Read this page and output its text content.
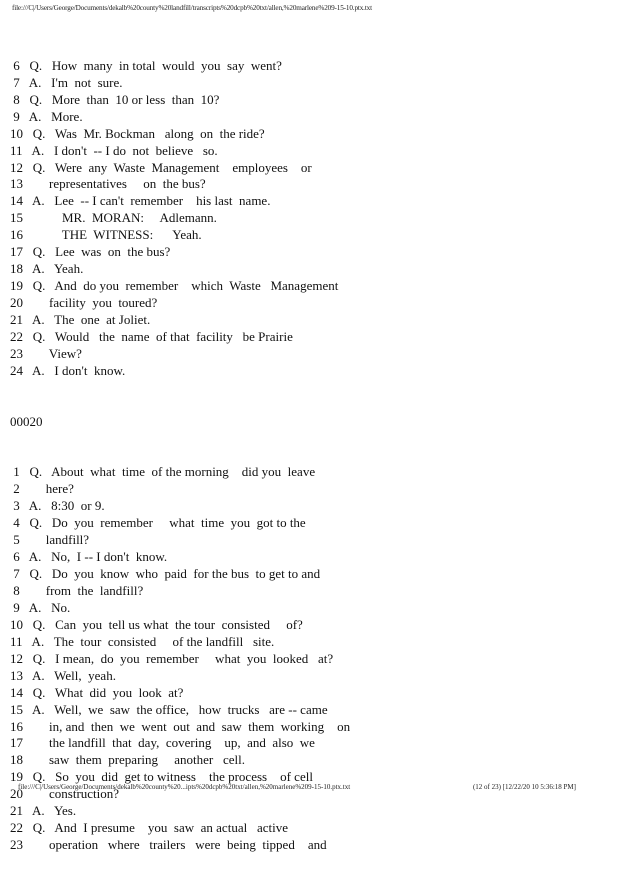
file:///C|/Users/George/Documents/dekalb%20county%20landfill/transcripts%20dcpb%20txt/allen,%20marlene%209-15-10.ptx.txt

6   Q.   How  many  in total  would  you  say  went?
7   A.   I'm  not  sure.
8   Q.   More  than  10 or less  than  10?
9   A.   More.
10   Q.   Was  Mr. Bockman   along  on  the ride?
11   A.   I don't  -- I do  not  believe   so.
12   Q.   Were  any  Waste  Management    employees    or
13        representatives     on  the bus?
14   A.   Lee  -- I can't  remember    his last  name.
15            MR.  MORAN:     Adlemann.
16            THE  WITNESS:      Yeah.
17   Q.   Lee  was  on  the bus?
18   A.   Yeah.
19   Q.   And  do you  remember    which  Waste   Management
20        facility  you  toured?
21   A.   The  one  at Joliet.
22   Q.   Would   the  name  of that  facility   be Prairie
23        View?
24   A.   I don't  know.

00020

1   Q.   About  what  time  of the morning    did you  leave
2        here?
3   A.   8:30  or 9.
4   Q.   Do  you  remember     what  time  you  got to the
5        landfill?
6   A.   No,  I -- I don't  know.
7   Q.   Do  you  know  who  paid  for the bus  to get to and
8        from  the  landfill?
9   A.   No.
10   Q.   Can  you  tell us what  the tour  consisted     of?
11   A.   The  tour  consisted     of the landfill   site.
12   Q.   I mean,  do  you  remember     what  you  looked   at?
13   A.   Well,  yeah.
14   Q.   What  did  you  look  at?
15   A.   Well,  we  saw  the office,   how  trucks   are -- came
16        in, and  then  we  went  out  and  saw  them  working    on
17        the landfill  that  day,  covering    up,  and  also  we
18        saw  them  preparing     another   cell.
19   Q.   So  you  did  get to witness    the process    of cell
20        construction?
21   A.   Yes.
22   Q.   And  I presume    you  saw  an actual   active
23        operation   where   trailers   were  being  tipped    and

file:///C|/Users/George/Documents/dekalb%20county%20...ipts%20dcpb%20txt/allen,%20marlene%209-15-10.ptx.txt	(12 of 23) [12/22/20 10 5:36:18 PM]
